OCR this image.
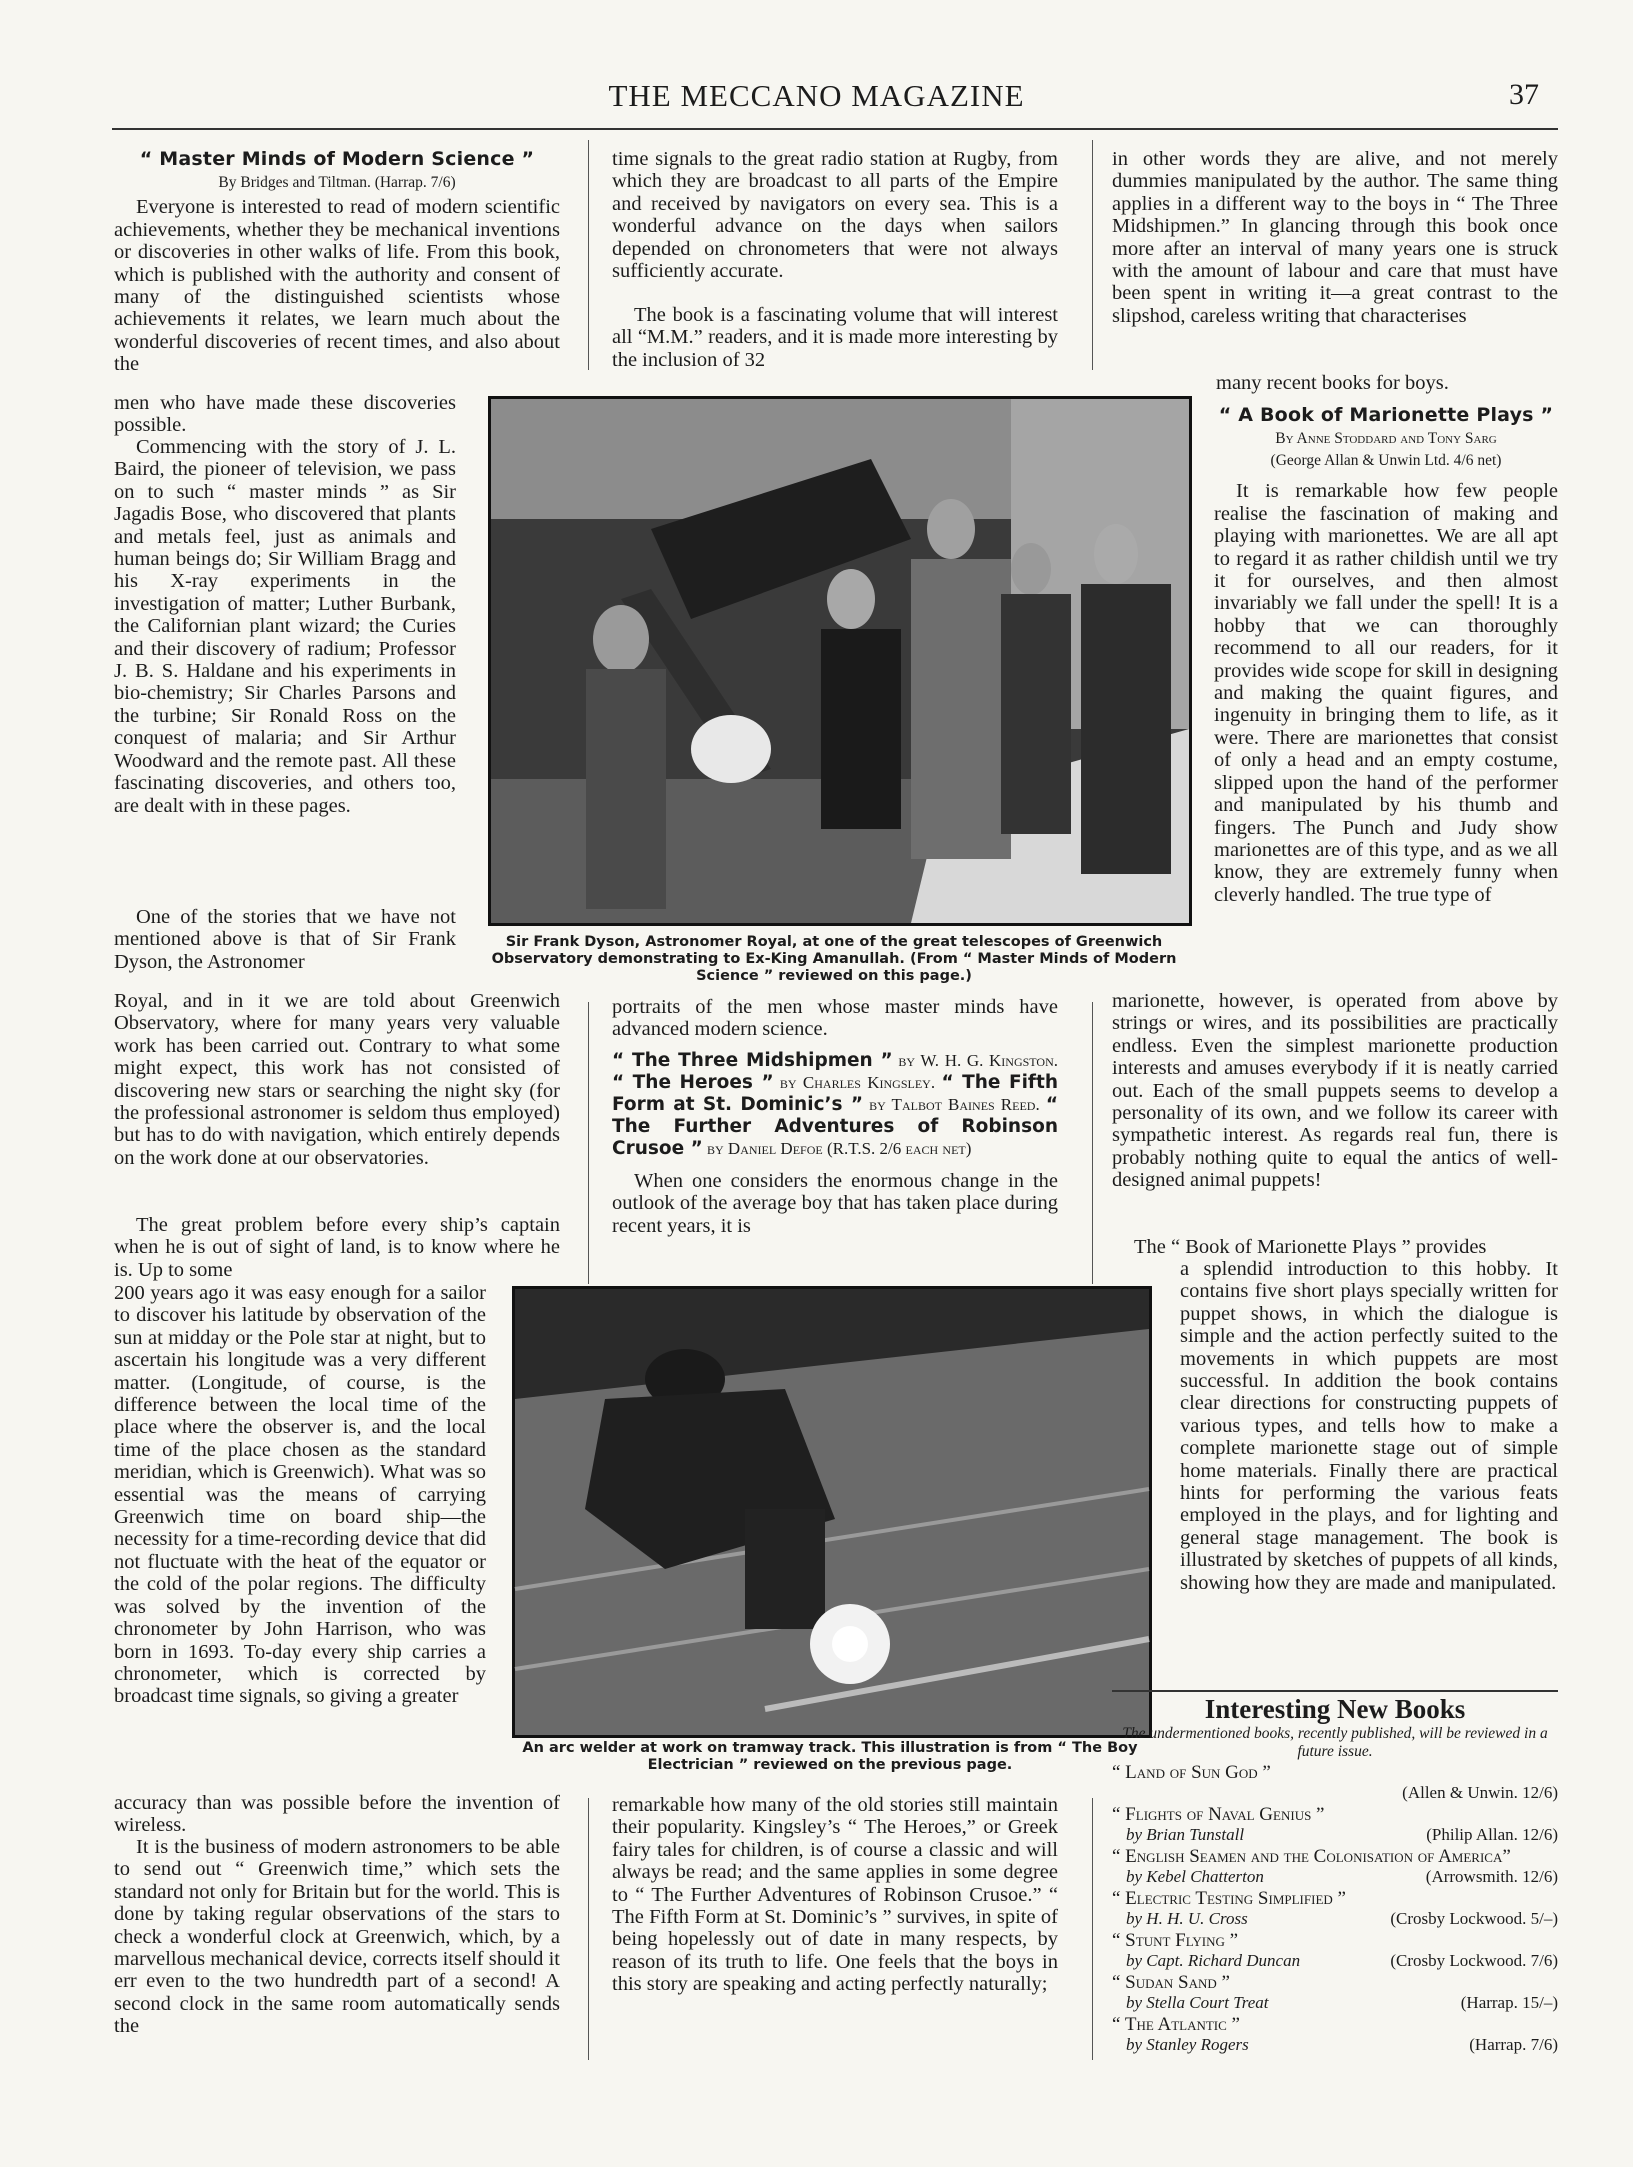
THE MECCANO MAGAZINE	37
“ Master Minds of Modern Science ”
By Bridges and Tiltman. (Harrap. 7/6)

Everyone is interested to read of modern scientific achievements, whether they be mechanical inventions or discoveries in other walks of life. From this book, which is published with the authority and consent of many of the distinguished scientists whose achievements it relates, we learn much about the wonderful discoveries of recent times, and also about the

men who have made these discoveries possible.

Commencing with the story of J. L. Baird, the pioneer of television, we pass on to such “ master minds ” as Sir Jagadis Bose, who discovered that plants and metals feel, just as animals and human beings do; Sir William Bragg and his X-ray experiments in the investigation of matter; Luther Burbank, the Californian plant wizard; the Curies and their discovery of radium; Professor J. B. S. Haldane and his experiments in bio-chemistry; Sir Charles Parsons and the turbine; Sir Ronald Ross on the conquest of malaria; and Sir Arthur Woodward and the remote past. All these fascinating discoveries, and others too, are dealt with in these pages.

One of the stories that we have not mentioned above is that of Sir Frank Dyson, the Astronomer

Royal, and in it we are told about Greenwich Observatory, where for many years very valuable work has been carried out. Contrary to what some might expect, this work has not consisted of discovering new stars or searching the night sky (for the professional astronomer is seldom thus employed) but has to do with navigation, which entirely depends on the work done at our observatories.

The great problem before every ship’s captain when he is out of sight of land, is to know where he is. Up to some

200 years ago it was easy enough for a sailor to discover his latitude by observation of the sun at midday or the Pole star at night, but to ascertain his longitude was a very different matter. (Longitude, of course, is the difference between the local time of the place where the observer is, and the local time of the place chosen as the standard meridian, which is Greenwich). What was so essential was the means of carrying Greenwich time on board ship—the necessity for a time-recording device that did not fluctuate with the heat of the equator or the cold of the polar regions. The difficulty was solved by the invention of the chronometer by John Harrison, who was born in 1693. To-day every ship carries a chronometer, which is corrected by broadcast time signals, so giving a greater

accuracy than was possible before the invention of wireless.

It is the business of modern astronomers to be able to send out “ Greenwich time,” which sets the standard not only for Britain but for the world. This is done by taking regular observations of the stars to check a wonderful clock at Greenwich, which, by a marvellous mechanical device, corrects itself should it err even to the two hundredth part of a second! A second clock in the same room automatically sends the

time signals to the great radio station at Rugby, from which they are broadcast to all parts of the Empire and received by navigators on every sea. This is a wonderful advance on the days when sailors depended on chronometers that were not always sufficiently accurate.

The book is a fascinating volume that will interest all “M.M.” readers, and it is made more interesting by the inclusion of 32

in other words they are alive, and not merely dummies manipulated by the author. The same thing applies in a different way to the boys in “ The Three Midshipmen.” In glancing through this book once more after an interval of many years one is struck with the amount of labour and care that must have been spent in writing it—a great contrast to the slipshod, careless writing that characterises

many recent books for boys.

Sir Frank Dyson, Astronomer Royal, at one of the great telescopes of Greenwich Observatory demonstrating to Ex-King Amanullah. (From “ Master Minds of Modern Science ” reviewed on this page.)

portraits of the men whose master minds have advanced modern science.

“ The Three Midshipmen ” by W. H. G. Kingston. “ The Heroes ” by Charles Kingsley. “ The Fifth Form at St. Dominic’s ” by Talbot Baines Reed. “ The Further Adventures of Robinson Crusoe ” by Daniel Defoe (R.T.S. 2/6 each net)

When one considers the enormous change in the outlook of the average boy that has taken place during recent years, it is

An arc welder at work on tramway track. This illustration is from “ The Boy Electrician ” reviewed on the previous page.

remarkable how many of the old stories still maintain their popularity. Kingsley’s “ The Heroes,” or Greek fairy tales for children, is of course a classic and will always be read; and the same applies in some degree to “ The Further Adventures of Robinson Crusoe.” “ The Fifth Form at St. Dominic’s ” survives, in spite of being hopelessly out of date in many respects, by reason of its truth to life. One feels that the boys in this story are speaking and acting perfectly naturally;

“ A Book of Marionette Plays ”
By Anne Stoddard and Tony Sarg
(George Allan & Unwin Ltd. 4/6 net)

It is remarkable how few people realise the fascination of making and playing with marionettes. We are all apt to regard it as rather childish until we try it for ourselves, and then almost invariably we fall under the spell! It is a hobby that we can thoroughly recommend to all our readers, for it provides wide scope for skill in designing and making the quaint figures, and ingenuity in bringing them to life, as it were. There are marionettes that consist of only a head and an empty costume, slipped upon the hand of the performer and manipulated by his thumb and fingers. The Punch and Judy show marionettes are of this type, and as we all know, they are extremely funny when cleverly handled. The true type of

marionette, however, is operated from above by strings or wires, and its possibilities are practically endless. Even the simplest marionette production interests and amuses everybody if it is neatly carried out. Each of the small puppets seems to develop a personality of its own, and we follow its career with sympathetic interest. As regards real fun, there is probably nothing quite to equal the antics of well-designed animal puppets!

The “ Book of Marionette Plays ” provides

a splendid introduction to this hobby. It contains five short plays specially written for puppet shows, in which the dialogue is simple and the action perfectly suited to the movements in which puppets are most successful. In addition the book contains clear directions for constructing puppets of various types, and tells how to make a complete marionette stage out of simple home materials. Finally there are practical hints for performing the various feats employed in the plays, and for lighting and general stage management. The book is illustrated by sketches of puppets of all kinds, showing how they are made and manipulated.

Interesting New Books
The undermentioned books, recently published, will be reviewed in a future issue.
“ Land of Sun God ”
(Allen & Unwin. 12/6)
“ Flights of Naval Genius ”
by Brian Tunstall	(Philip Allan. 12/6)
“ English Seamen and the Colonisation of America”
by Kebel Chatterton	(Arrowsmith. 12/6)
“ Electric Testing Simplified ”
by H. H. U. Cross	(Crosby Lockwood. 5/–)
“ Stunt Flying ”
by Capt. Richard Duncan	(Crosby Lockwood. 7/6)
“ Sudan Sand ”
by Stella Court Treat	(Harrap. 15/–)
“ The Atlantic ”
by Stanley Rogers	(Harrap. 7/6)
